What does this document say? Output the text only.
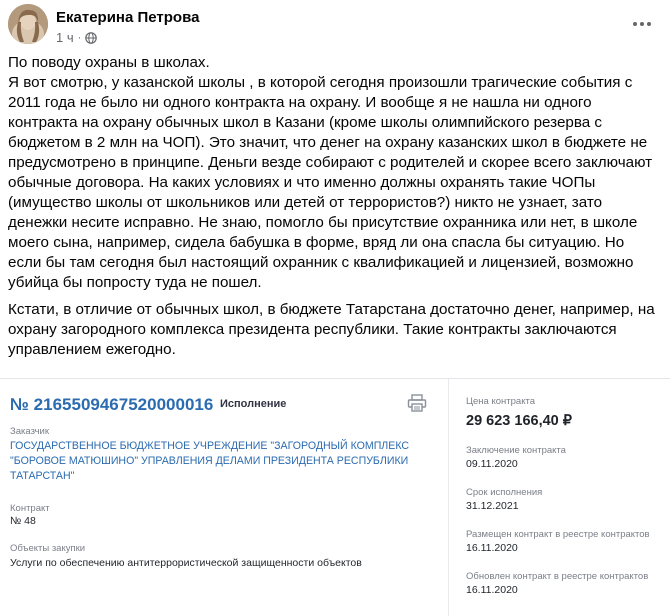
Екатерина Петрова
1 ч ·

По поводу охраны в школах.
Я вот смотрю, у казанской школы , в которой сегодня произошли трагические события с 2011 года не было ни одного контракта на охрану. И вообще я не нашла ни одного контракта на охрану обычных школ в Казани (кроме школы олимпийского резерва с бюджетом в 2 млн на ЧОП). Это значит, что денег на охрану казанских школ в бюджете не предусмотрено в принципе. Деньги везде собирают с родителей и скорее всего заключают обычные договора. На каких условиях и что именно должны охранять такие ЧОПы (имущество школы от школьников или детей от террористов?) никто не узнает, зато денежки несите исправно. Не знаю, помогло бы присутствие охранника или нет, в школе моего сына, например, сидела бабушка в форме, вряд ли она спасла бы ситуацию. Но если бы там сегодня был настоящий охранник с квалификацией и лицензией, возможно убийца бы попросту туда не пошел.

Кстати, в отличие от обычных школ, в бюджете Татарстана достаточно денег, например, на охрану загородного комплекса президента республики. Такие контракты заключаются управлением ежегодно.

№ 2165509467520000016 Исполнение
Заказчик
ГОСУДАРСТВЕННОЕ БЮДЖЕТНОЕ УЧРЕЖДЕНИЕ "ЗАГОРОДНЫЙ КОМПЛЕКС "БОРОВОЕ МАТЮШИНО" УПРАВЛЕНИЯ ДЕЛАМИ ПРЕЗИДЕНТА РЕСПУБЛИКИ ТАТАРСТАН"
Контракт
№ 48
Объекты закупки
Услуги по обеспечению антитеррористической защищенности объектов
Цена контракта
29 623 166,40 ₽
Заключение контракта
09.11.2020
Срок исполнения
31.12.2021
Размещен контракт в реестре контрактов
16.11.2020
Обновлен контракт в реестре контрактов
16.11.2020
